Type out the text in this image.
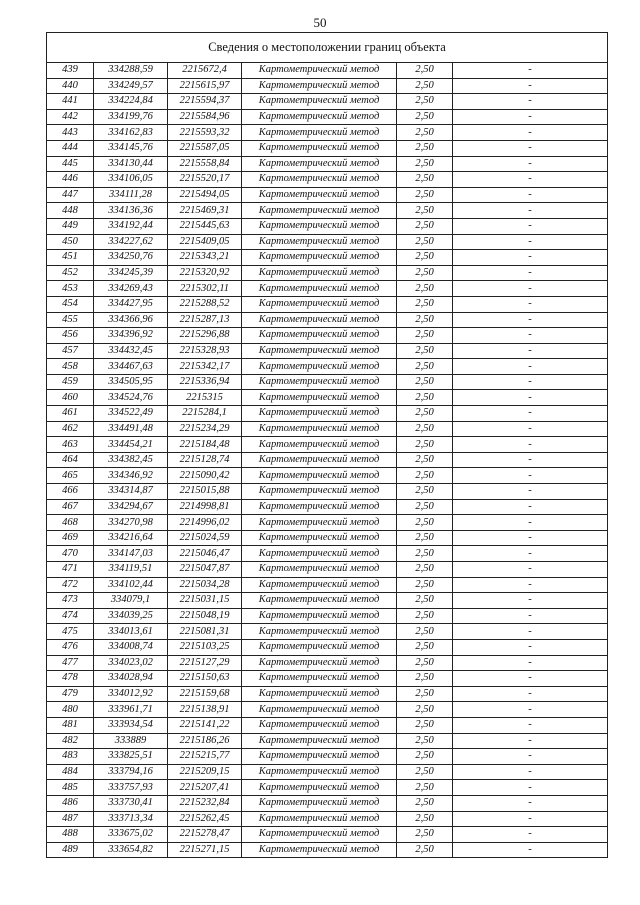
50
Сведения о местоположении границ объекта					
439	334288,59	2215672,4	Картометрический метод	2,50	-
440	334249,57	2215615,97	Картометрический метод	2,50	-
441	334224,84	2215594,37	Картометрический метод	2,50	-
442	334199,76	2215584,96	Картометрический метод	2,50	-
443	334162,83	2215593,32	Картометрический метод	2,50	-
444	334145,76	2215587,05	Картометрический метод	2,50	-
445	334130,44	2215558,84	Картометрический метод	2,50	-
446	334106,05	2215520,17	Картометрический метод	2,50	-
447	334111,28	2215494,05	Картометрический метод	2,50	-
448	334136,36	2215469,31	Картометрический метод	2,50	-
449	334192,44	2215445,63	Картометрический метод	2,50	-
450	334227,62	2215409,05	Картометрический метод	2,50	-
451	334250,76	2215343,21	Картометрический метод	2,50	-
452	334245,39	2215320,92	Картометрический метод	2,50	-
453	334269,43	2215302,11	Картометрический метод	2,50	-
454	334427,95	2215288,52	Картометрический метод	2,50	-
455	334366,96	2215287,13	Картометрический метод	2,50	-
456	334396,92	2215296,88	Картометрический метод	2,50	-
457	334432,45	2215328,93	Картометрический метод	2,50	-
458	334467,63	2215342,17	Картометрический метод	2,50	-
459	334505,95	2215336,94	Картометрический метод	2,50	-
460	334524,76	2215315	Картометрический метод	2,50	-
461	334522,49	2215284,1	Картометрический метод	2,50	-
462	334491,48	2215234,29	Картометрический метод	2,50	-
463	334454,21	2215184,48	Картометрический метод	2,50	-
464	334382,45	2215128,74	Картометрический метод	2,50	-
465	334346,92	2215090,42	Картометрический метод	2,50	-
466	334314,87	2215015,88	Картометрический метод	2,50	-
467	334294,67	2214998,81	Картометрический метод	2,50	-
468	334270,98	2214996,02	Картометрический метод	2,50	-
469	334216,64	2215024,59	Картометрический метод	2,50	-
470	334147,03	2215046,47	Картометрический метод	2,50	-
471	334119,51	2215047,87	Картометрический метод	2,50	-
472	334102,44	2215034,28	Картометрический метод	2,50	-
473	334079,1	2215031,15	Картометрический метод	2,50	-
474	334039,25	2215048,19	Картометрический метод	2,50	-
475	334013,61	2215081,31	Картометрический метод	2,50	-
476	334008,74	2215103,25	Картометрический метод	2,50	-
477	334023,02	2215127,29	Картометрический метод	2,50	-
478	334028,94	2215150,63	Картометрический метод	2,50	-
479	334012,92	2215159,68	Картометрический метод	2,50	-
480	333961,71	2215138,91	Картометрический метод	2,50	-
481	333934,54	2215141,22	Картометрический метод	2,50	-
482	333889	2215186,26	Картометрический метод	2,50	-
483	333825,51	2215215,77	Картометрический метод	2,50	-
484	333794,16	2215209,15	Картометрический метод	2,50	-
485	333757,93	2215207,41	Картометрический метод	2,50	-
486	333730,41	2215232,84	Картометрический метод	2,50	-
487	333713,34	2215262,45	Картометрический метод	2,50	-
488	333675,02	2215278,47	Картометрический метод	2,50	-
489	333654,82	2215271,15	Картометрический метод	2,50	-
